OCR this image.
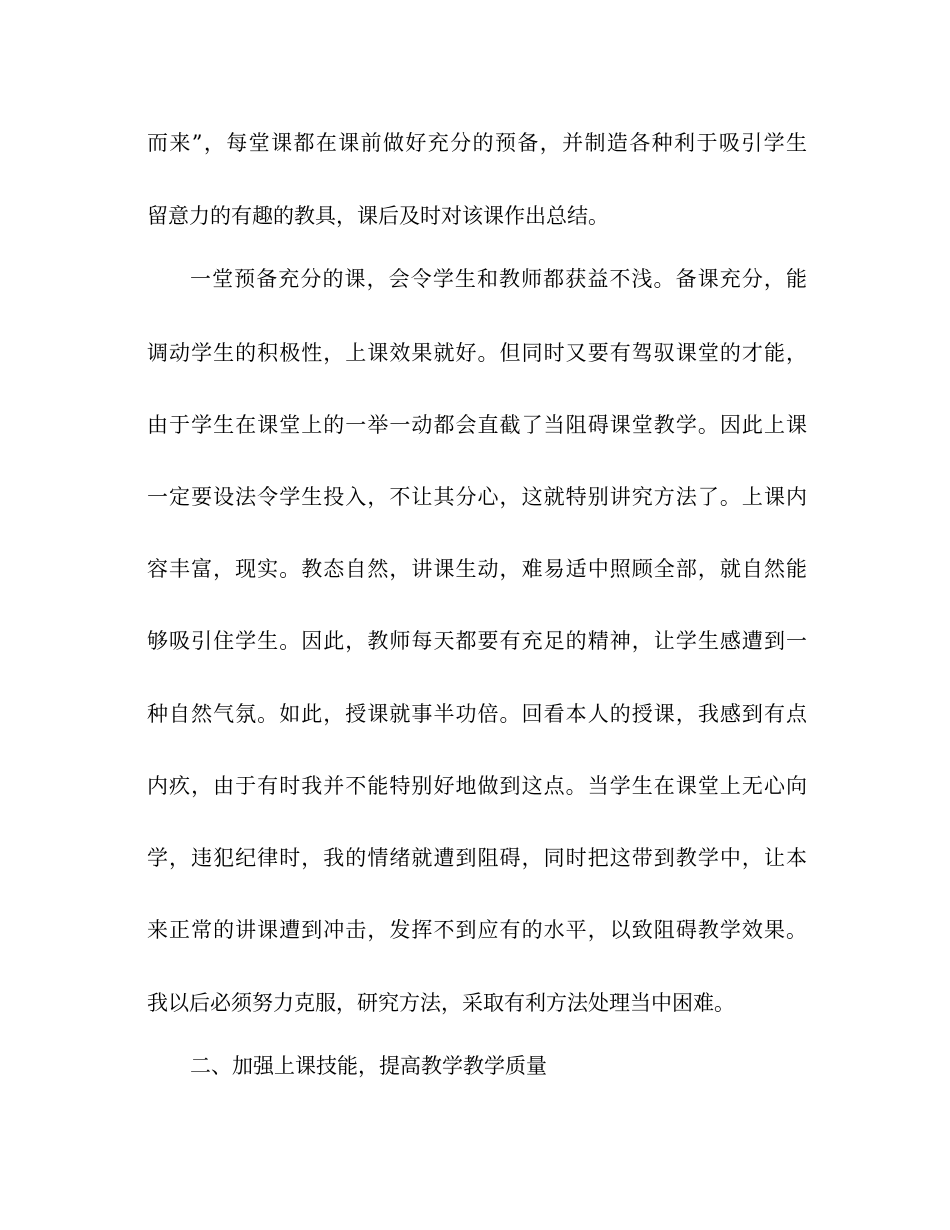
而来”，每堂课都在课前做好充分的预备，并制造各种利于吸引学生
留意力的有趣的教具，课后及时对该课作出总结。
一堂预备充分的课，会令学生和教师都获益不浅。备课充分，能
调动学生的积极性，上课效果就好。但同时又要有驾驭课堂的才能，
由于学生在课堂上的一举一动都会直截了当阻碍课堂教学。因此上课
一定要设法令学生投入，不让其分心，这就特别讲究方法了。上课内
容丰富，现实。教态自然，讲课生动，难易适中照顾全部，就自然能
够吸引住学生。因此，教师每天都要有充足的精神，让学生感遭到一
种自然气氛。如此，授课就事半功倍。回看本人的授课，我感到有点
内疚，由于有时我并不能特别好地做到这点。当学生在课堂上无心向
学，违犯纪律时，我的情绪就遭到阻碍，同时把这带到教学中，让本
来正常的讲课遭到冲击，发挥不到应有的水平，以致阻碍教学效果。
我以后必须努力克服，研究方法，采取有利方法处理当中困难。
二、加强上课技能，提高教学教学质量
